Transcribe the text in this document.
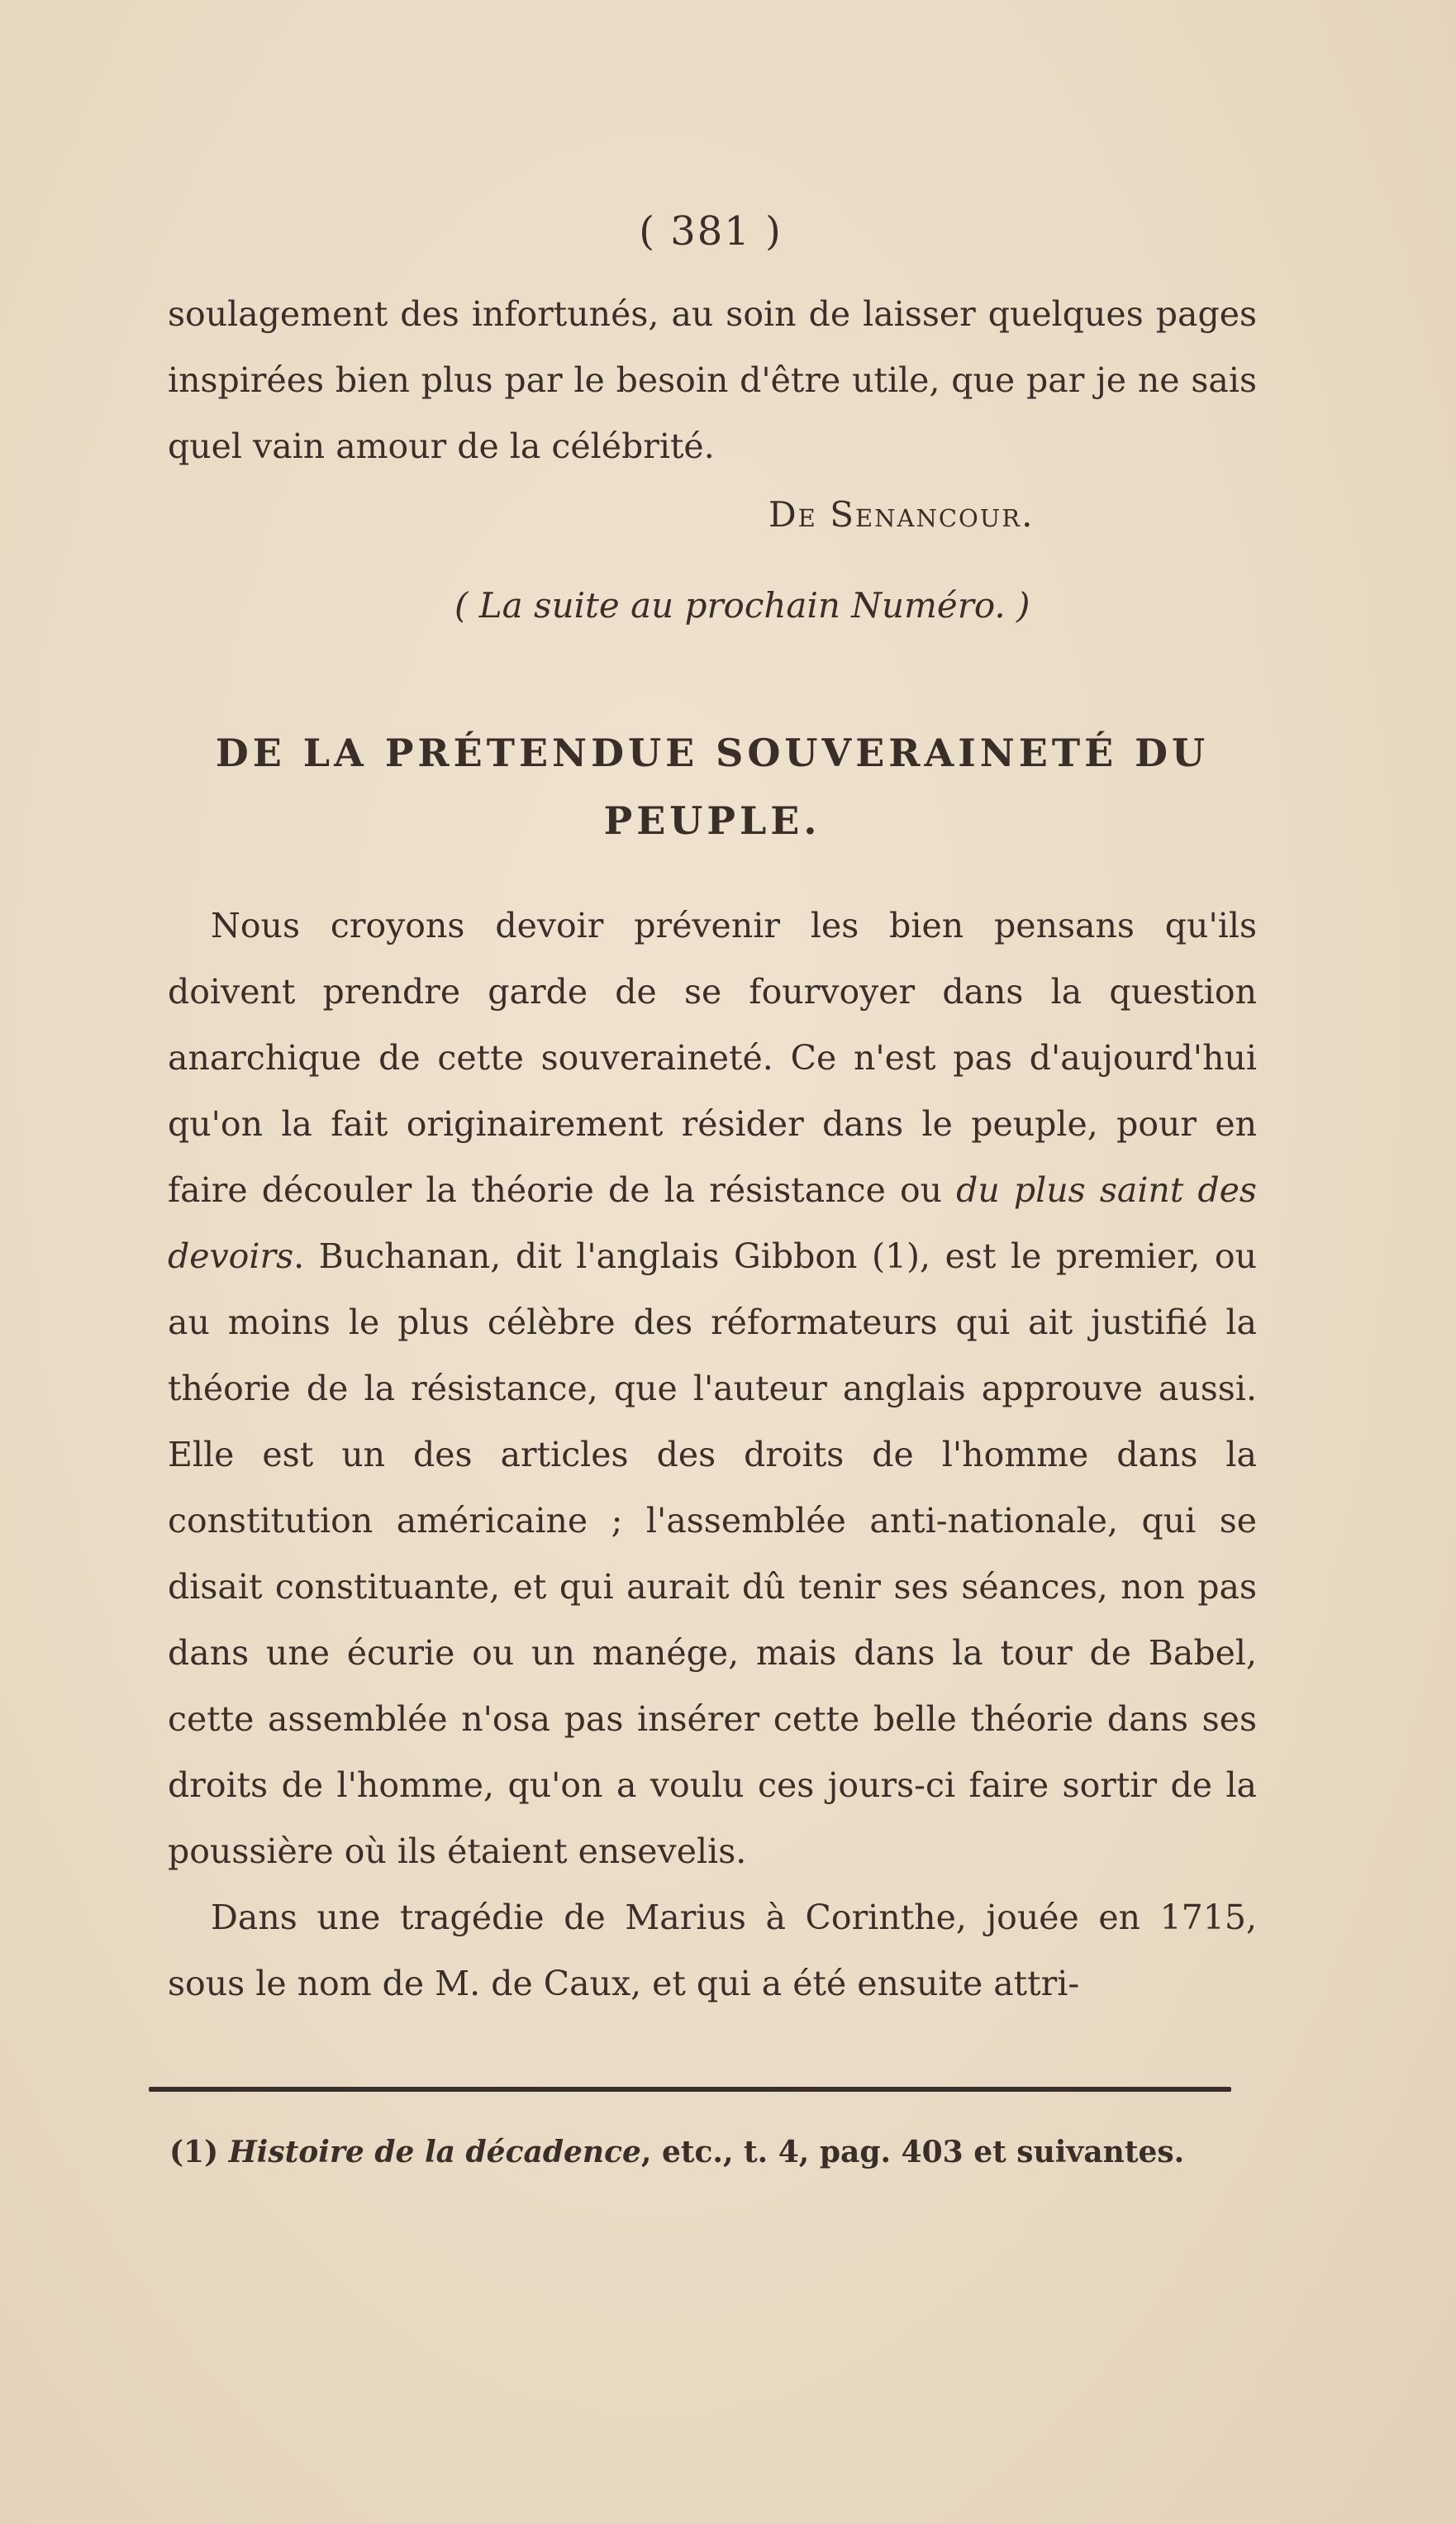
( 381 )

soulagement des infortunés, au soin de laisser quelques pages inspirées bien plus par le besoin d'être utile, que par je ne sais quel vain amour de la célébrité.

De Senancour.
( La suite au prochain Numéro. )
DE LA PRÉTENDUE SOUVERAINETÉ DU PEUPLE.

Nous croyons devoir prévenir les bien pensans qu'ils doivent prendre garde de se fourvoyer dans la question anarchique de cette souveraineté. Ce n'est pas d'aujourd'hui qu'on la fait originairement résider dans le peuple, pour en faire découler la théorie de la résistance ou du plus saint des devoirs. Buchanan, dit l'anglais Gibbon (1), est le premier, ou au moins le plus célèbre des réformateurs qui ait justifié la théorie de la résistance, que l'auteur anglais approuve aussi. Elle est un des articles des droits de l'homme dans la constitution américaine ; l'assemblée anti-nationale, qui se disait constituante, et qui aurait dû tenir ses séances, non pas dans une écurie ou un manége, mais dans la tour de Babel, cette assemblée n'osa pas insérer cette belle théorie dans ses droits de l'homme, qu'on a voulu ces jours-ci faire sortir de la poussière où ils étaient ensevelis.

Dans une tragédie de Marius à Corinthe, jouée en 1715, sous le nom de M. de Caux, et qui a été ensuite attri-

(1) Histoire de la décadence, etc., t. 4, pag. 403 et suivantes.
